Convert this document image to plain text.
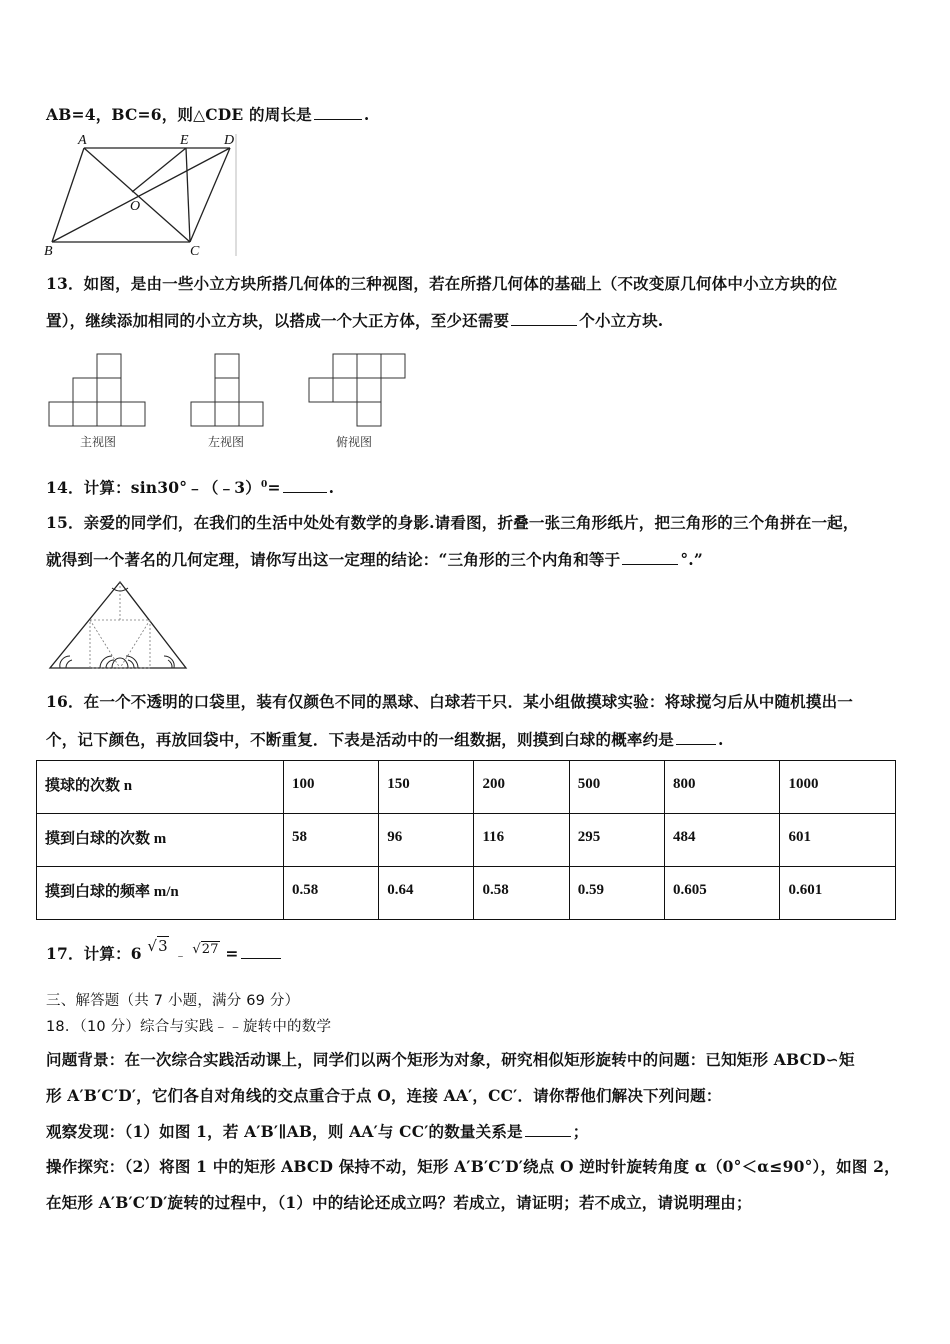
AB=4，BC=6，则△CDE 的周长是	.
A	E	D
O
B	C
13．如图，是由一些小立方块所搭几何体的三种视图，若在所搭几何体的基础上（不改变原几何体中小立方块的位
置），继续添加相同的小立方块，以搭成一个大正方体，至少还需要	个小立方块.
主视图	左视图	俯视图
14．计算：sin30°﹣（﹣3）$^0$=	.
15．亲爱的同学们，在我们的生活中处处有数学的身影.请看图，折叠一张三角形纸片，把三角形的三个角拼在一起，
就得到一个著名的几何定理，请你写出这一定理的结论：“三角形的三个内角和等于	°.”
16．在一个不透明的口袋里，装有仅颜色不同的黑球、白球若干只．某小组做摸球实验：将球搅匀后从中随机摸出一
个，记下颜色，再放回袋中，不断重复．下表是活动中的一组数据，则摸到白球的概率约是	.
摸球的次数 n	100	150	200	500	800	1000
摸到白球的次数 m	58	96	116	295	484	601
摸到白球的频率 m/n	0.58	0.64	0.58	0.59	0.605	0.601
17．计算：6 √3 ﹣ √27 =
三、解答题（共 7 小题，满分 69 分）
18．（10 分）综合与实践﹣﹣旋转中的数学
问题背景：在一次综合实践活动课上，同学们以两个矩形为对象，研究相似矩形旋转中的问题：已知矩形 ABCD∽矩
形 A′B′C′D′，它们各自对角线的交点重合于点 O，连接 AA′，CC′．请你帮他们解决下列问题：
观察发现：（1）如图 1，若 A′B′∥AB，则 AA′与 CC′的数量关系是	；
操作探究：（2）将图 1 中的矩形 ABCD 保持不动，矩形 A′B′C′D′绕点 O 逆时针旋转角度 α（0°＜α≤90°），如图 2，
在矩形 A′B′C′D′旋转的过程中，（1）中的结论还成立吗？若成立，请证明；若不成立，请说明理由；
